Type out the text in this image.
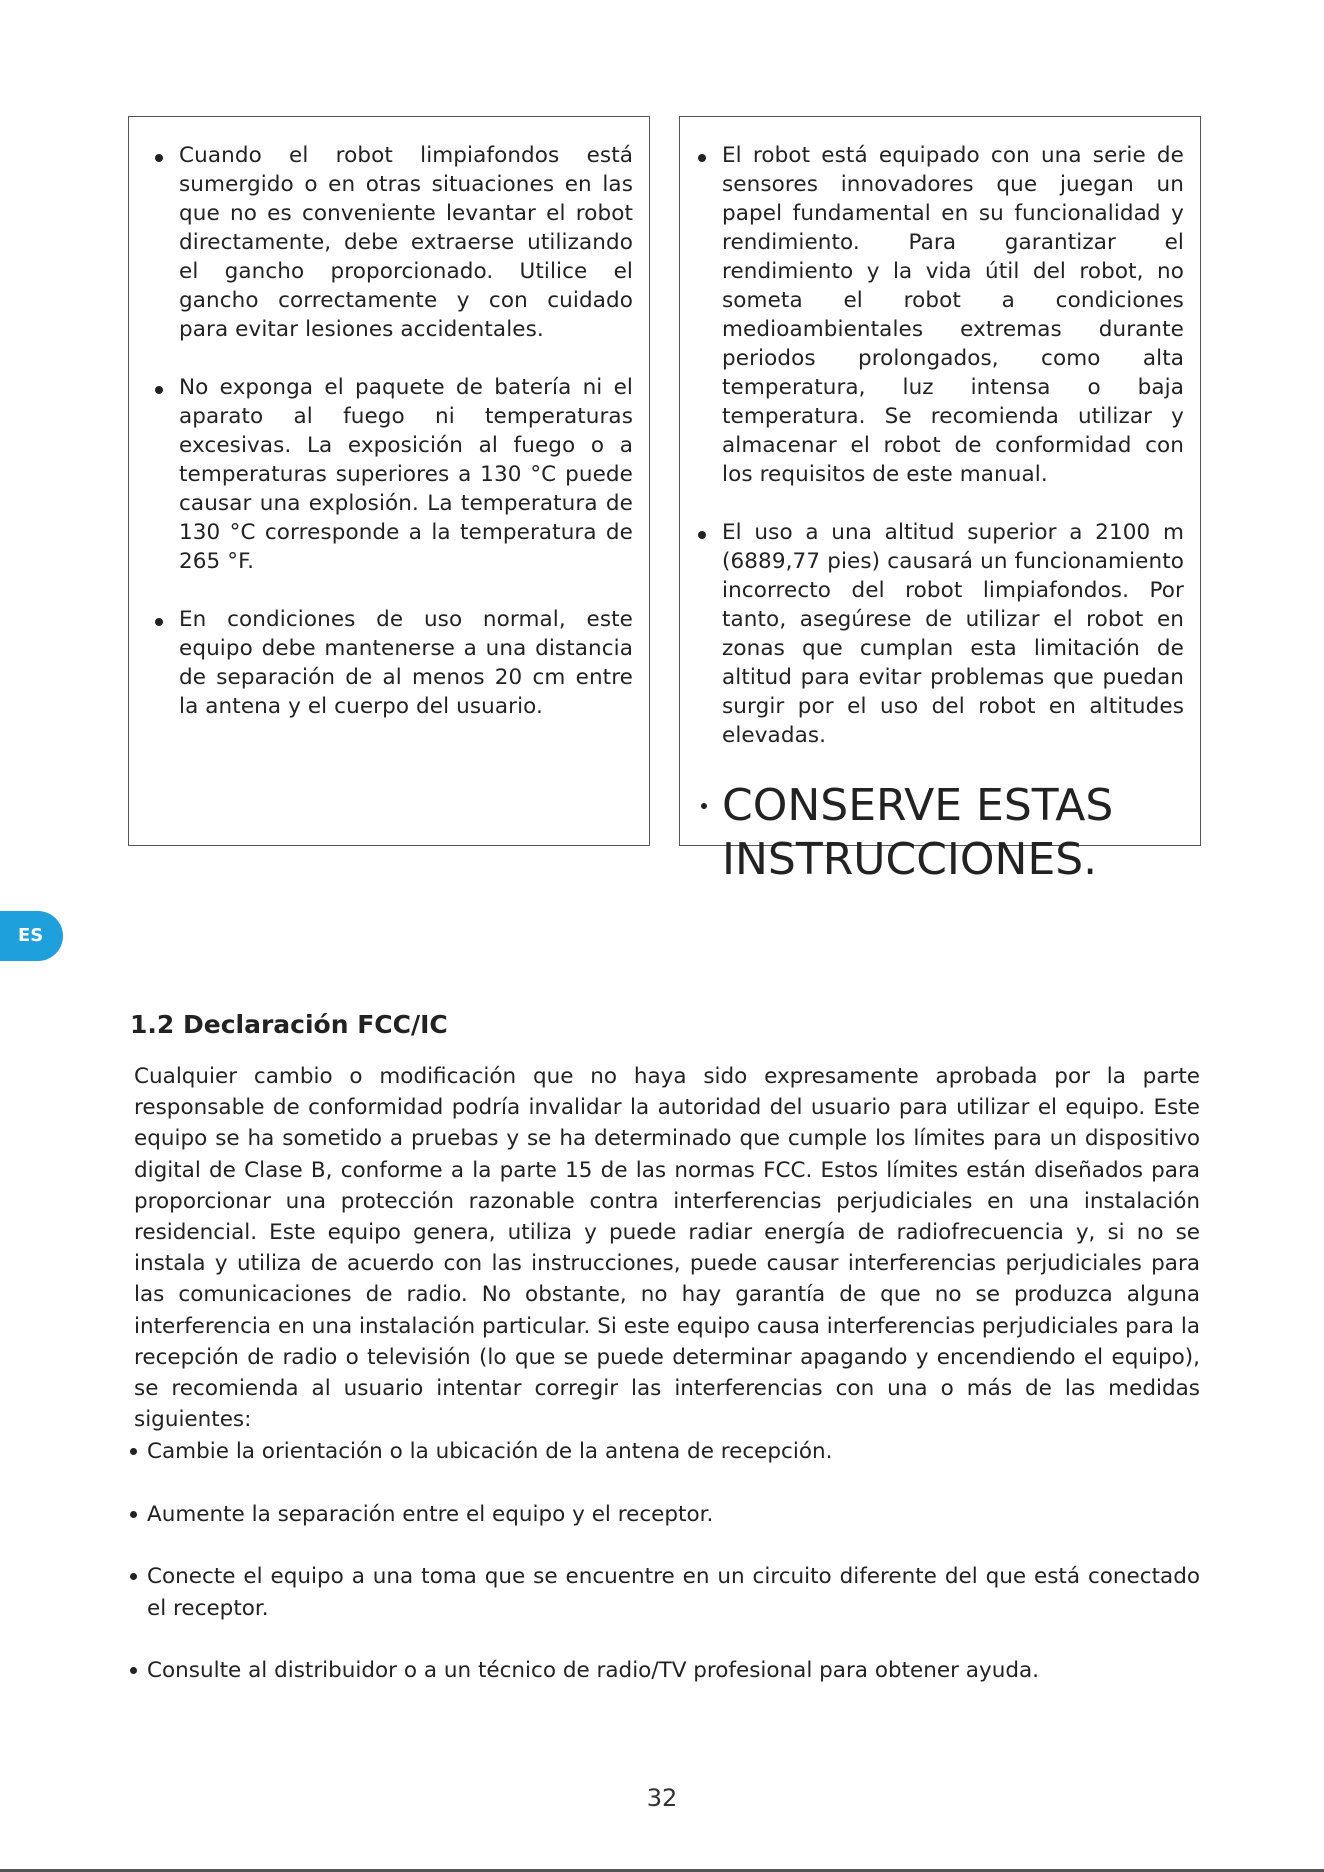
Cuando el robot limpiafondos está sumergido o en otras situaciones en las que no es conveniente levantar el robot directamente, debe extraerse utilizando el gancho proporcionado. Utilice el gancho correctamente y con cuidado para evitar lesiones accidentales.
No exponga el paquete de batería ni el aparato al fuego ni temperaturas excesivas. La exposición al fuego o a temperaturas superiores a 130 °C puede causar una explosión. La temperatura de 130 °C corresponde a la temperatura de 265 °F.
En condiciones de uso normal, este equipo debe mantenerse a una distancia de separación de al menos 20 cm entre la antena y el cuerpo del usuario.
El robot está equipado con una serie de sensores innovadores que juegan un papel fundamental en su funcionalidad y rendimiento. Para garantizar el rendimiento y la vida útil del robot, no someta el robot a condiciones medioambientales extremas durante periodos prolongados, como alta temperatura, luz intensa o baja temperatura. Se recomienda utilizar y almacenar el robot de conformidad con los requisitos de este manual.
El uso a una altitud superior a 2100 m (6889,77 pies) causará un funcionamiento incorrecto del robot limpiafondos. Por tanto, asegúrese de utilizar el robot en zonas que cumplan esta limitación de altitud para evitar problemas que puedan surgir por el uso del robot en altitudes elevadas.
CONSERVE ESTAS INSTRUCCIONES.
ES
1.2 Declaración FCC/IC

Cualquier cambio o modificación que no haya sido expresamente aprobada por la parte responsable de conformidad podría invalidar la autoridad del usuario para utilizar el equipo. Este equipo se ha sometido a pruebas y se ha determinado que cumple los límites para un dispositivo digital de Clase B, conforme a la parte 15 de las normas FCC. Estos límites están diseñados para proporcionar una protección razonable contra interferencias perjudiciales en una instalación residencial. Este equipo genera, utiliza y puede radiar energía de radiofrecuencia y, si no se instala y utiliza de acuerdo con las instrucciones, puede causar interferencias perjudiciales para las comunicaciones de radio. No obstante, no hay garantía de que no se produzca alguna interferencia en una instalación particular. Si este equipo causa interferencias perjudiciales para la recepción de radio o televisión (lo que se puede determinar apagando y encendiendo el equipo), se recomienda al usuario intentar corregir las interferencias con una o más de las medidas siguientes:

Cambie la orientación o la ubicación de la antena de recepción.
Aumente la separación entre el equipo y el receptor.
Conecte el equipo a una toma que se encuentre en un circuito diferente del que está conectado el receptor.
Consulte al distribuidor o a un técnico de radio/TV profesional para obtener ayuda.
32
